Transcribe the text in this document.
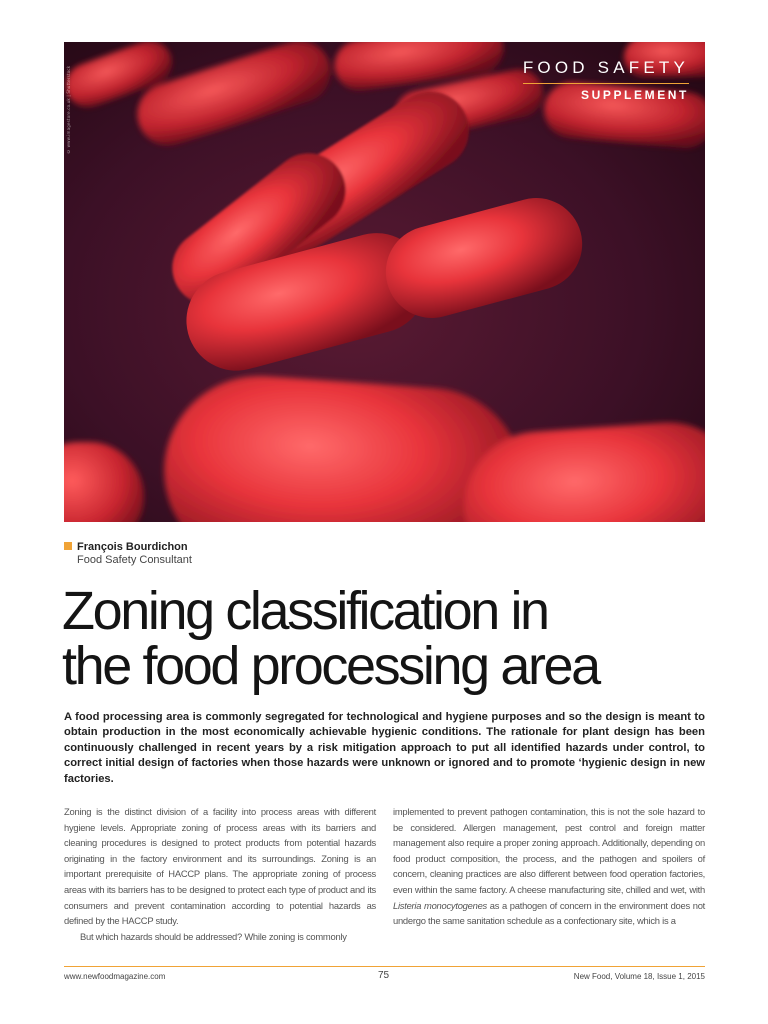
FOOD SAFETY
SUPPLEMENT
© www.imagestore.co.uk | Shutterstock
François Bourdichon
Food Safety Consultant
Zoning classification in
the food processing area

A food processing area is commonly segregated for technological and hygiene purposes and so the design is meant to obtain production in the most economically achievable hygienic conditions. The rationale for plant design has been continuously challenged in recent years by a risk mitigation approach to put all identified hazards under control, to correct initial design of factories when those hazards were unknown or ignored and to promote ‘hygienic design in new factories.

Zoning is the distinct division of a facility into process areas with different hygiene levels. Appropriate zoning of process areas with its barriers and cleaning procedures is designed to protect products from potential hazards originating in the factory environment and its surroundings. Zoning is an important prerequisite of HACCP plans. The appropriate zoning of process areas with its barriers has to be designed to protect each type of product and its consumers and prevent contamination according to potential hazards as defined by the HACCP study.

But which hazards should be addressed? While zoning is commonly

implemented to prevent pathogen contamination, this is not the sole hazard to be considered. Allergen management, pest control and foreign matter management also require a proper zoning approach. Additionally, depending on food product composition, the process, and the pathogen and spoilers of concern, cleaning practices are also different between food operation factories, even within the same factory. A cheese manufacturing site, chilled and wet, with Listeria monocytogenes as a pathogen of concern in the environment does not undergo the same sanitation schedule as a confectionary site, which is a

www.newfoodmagazine.com	75	New Food, Volume 18, Issue 1, 2015
